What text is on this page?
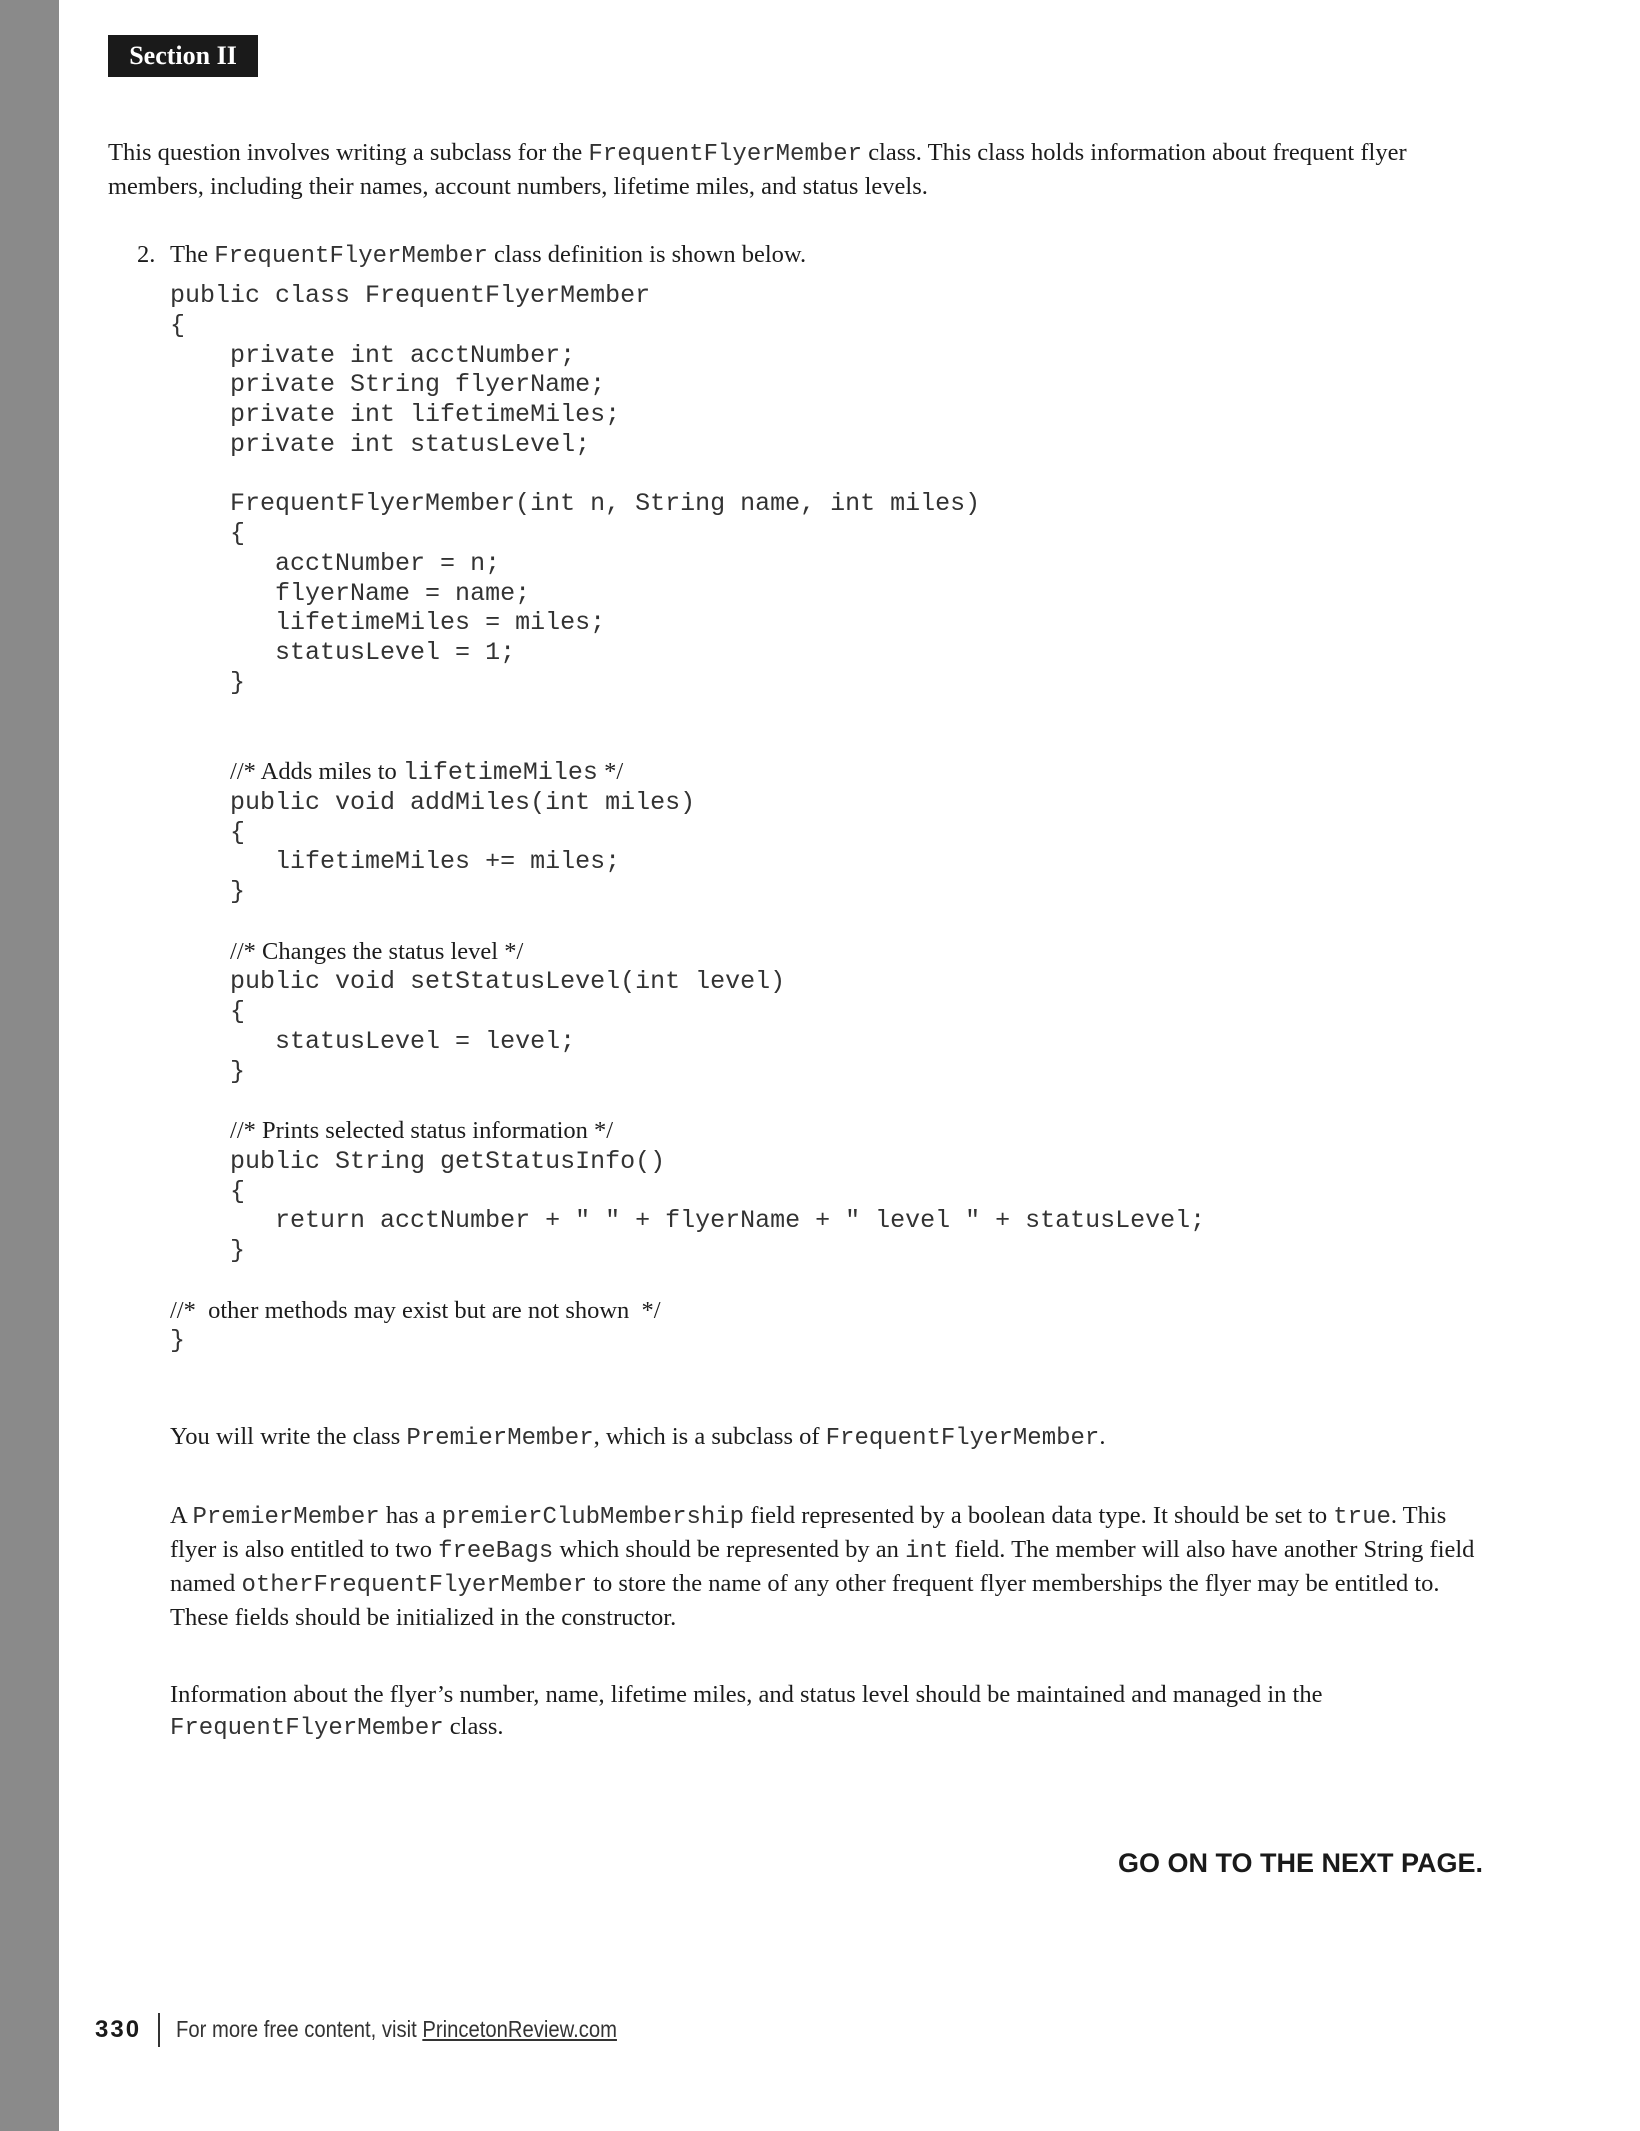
Section II
This question involves writing a subclass for the FrequentFlyerMember class. This class holds information about frequent flyer members, including their names, account numbers, lifetime miles, and status levels.
2. The FrequentFlyerMember class definition is shown below.
public class FrequentFlyerMember
{
private int acctNumber;
private String flyerName;
private int lifetimeMiles;
private int statusLevel;

FrequentFlyerMember(int n, String name, int miles)
{
acctNumber = n;
flyerName = name;
lifetimeMiles = miles;
statusLevel = 1;
}

//* Adds miles to lifetimeMiles */
public void addMiles(int miles)
{
lifetimeMiles += miles;
}

//* Changes the status level */
public void setStatusLevel(int level)
{
statusLevel = level;
}

//* Prints selected status information */
public String getStatusInfo()
{
return acctNumber + " " + flyerName + " level " + statusLevel;
}

//*  other methods may exist but are not shown  */
}
You will write the class PremierMember, which is a subclass of FrequentFlyerMember.
A PremierMember has a premierClubMembership field represented by a boolean data type. It should be set to true. This flyer is also entitled to two freeBags which should be represented by an int field. The member will also have another String field named otherFrequentFlyerMember to store the name of any other frequent flyer memberships the flyer may be entitled to. These fields should be initialized in the constructor.
Information about the flyer’s number, name, lifetime miles, and status level should be maintained and managed in the FrequentFlyerMember class.
GO ON TO THE NEXT PAGE.
330 For more free content, visit PrincetonReview.com
